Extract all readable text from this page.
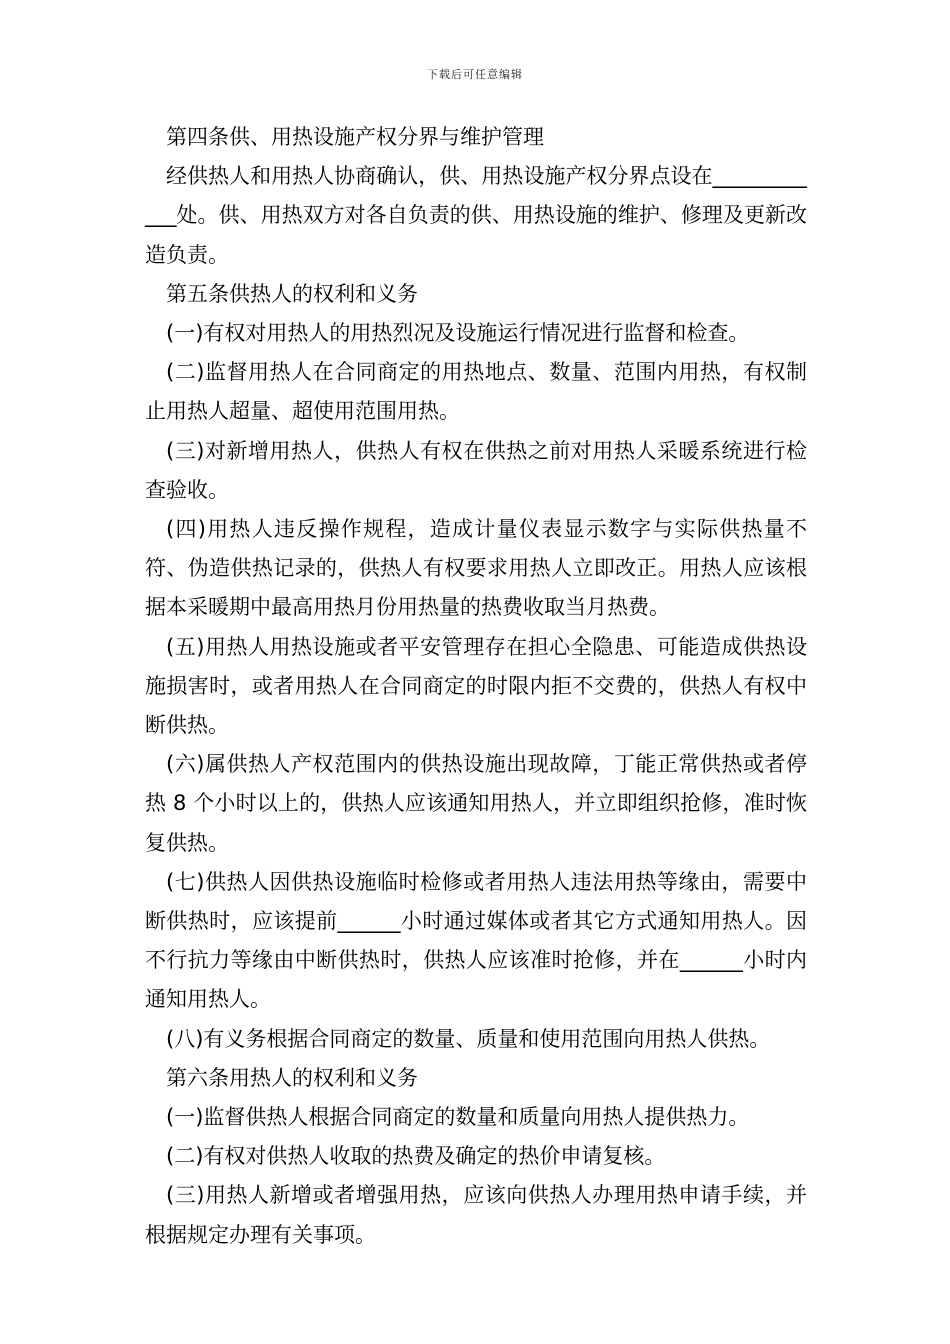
下载后可任意编辑

第四条供、用热设施产权分界与维护管理

经供热人和用热人协商确认，供、用热设施产权分界点设在____________处。供、用热双方对各自负责的供、用热设施的维护、修理及更新改造负责。

第五条供热人的权利和义务

(一)有权对用热人的用热烈况及设施运行情况进行监督和检查。

(二)监督用热人在合同商定的用热地点、数量、范围内用热，有权制止用热人超量、超使用范围用热。

(三)对新增用热人，供热人有权在供热之前对用热人采暖系统进行检查验收。

(四)用热人违反操作规程，造成计量仪表显示数字与实际供热量不符、伪造供热记录的，供热人有权要求用热人立即改正。用热人应该根据本采暖期中最高用热月份用热量的热费收取当月热费。

(五)用热人用热设施或者平安管理存在担心全隐患、可能造成供热设施损害时，或者用热人在合同商定的时限内拒不交费的，供热人有权中断供热。

(六)属供热人产权范围内的供热设施出现故障，丁能正常供热或者停热 8 个小时以上的，供热人应该通知用热人，并立即组织抢修，准时恢复供热。

(七)供热人因供热设施临时检修或者用热人违法用热等缘由，需要中断供热时，应该提前______小时通过媒体或者其它方式通知用热人。因不行抗力等缘由中断供热时，供热人应该准时抢修，并在______小时内通知用热人。

(八)有义务根据合同商定的数量、质量和使用范围向用热人供热。

第六条用热人的权利和义务

(一)监督供热人根据合同商定的数量和质量向用热人提供热力。

(二)有权对供热人收取的热费及确定的热价申请复核。

(三)用热人新增或者增强用热，应该向供热人办理用热申请手续，并根据规定办理有关事项。
